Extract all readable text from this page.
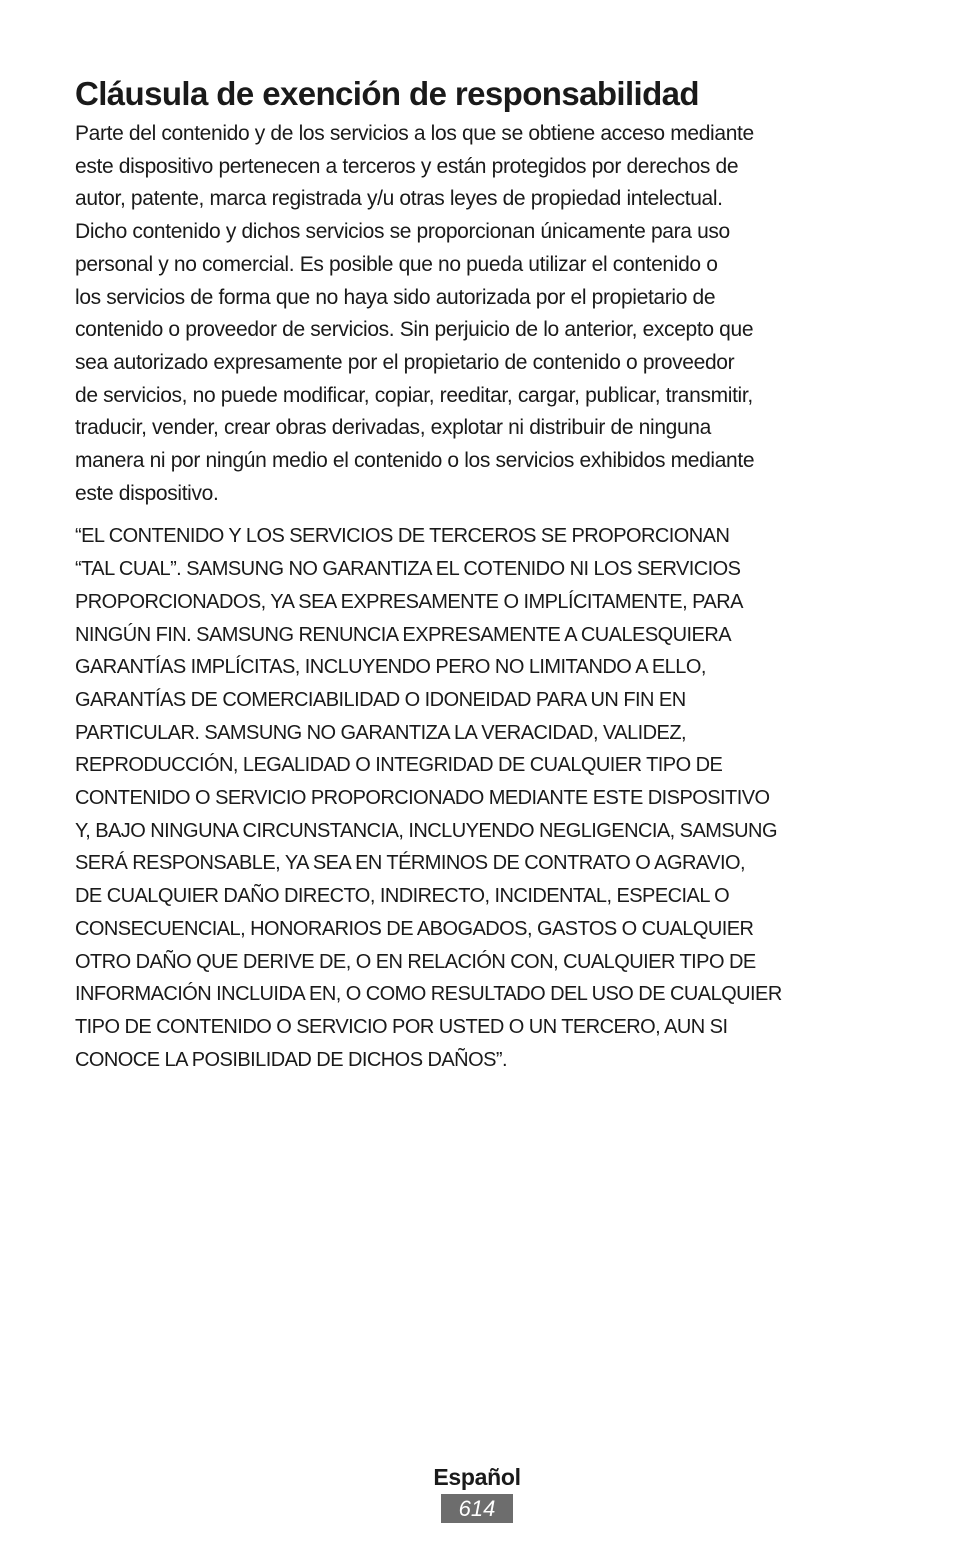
Cláusula de exención de responsabilidad

Parte del contenido y de los servicios a los que se obtiene acceso mediante
este dispositivo pertenecen a terceros y están protegidos por derechos de
autor, patente, marca registrada y/u otras leyes de propiedad intelectual.
Dicho contenido y dichos servicios se proporcionan únicamente para uso
personal y no comercial. Es posible que no pueda utilizar el contenido o
los servicios de forma que no haya sido autorizada por el propietario de
contenido o proveedor de servicios. Sin perjuicio de lo anterior, excepto que
sea autorizado expresamente por el propietario de contenido o proveedor
de servicios, no puede modificar, copiar, reeditar, cargar, publicar, transmitir,
traducir, vender, crear obras derivadas, explotar ni distribuir de ninguna
manera ni por ningún medio el contenido o los servicios exhibidos mediante
este dispositivo.

“EL CONTENIDO Y LOS SERVICIOS DE TERCEROS SE PROPORCIONAN
“TAL CUAL”. SAMSUNG NO GARANTIZA EL COTENIDO NI LOS SERVICIOS
PROPORCIONADOS, YA SEA EXPRESAMENTE O IMPLÍCITAMENTE, PARA
NINGÚN FIN. SAMSUNG RENUNCIA EXPRESAMENTE A CUALESQUIERA
GARANTÍAS IMPLÍCITAS, INCLUYENDO PERO NO LIMITANDO A ELLO,
GARANTÍAS DE COMERCIABILIDAD O IDONEIDAD PARA UN FIN EN
PARTICULAR. SAMSUNG NO GARANTIZA LA VERACIDAD, VALIDEZ,
REPRODUCCIÓN, LEGALIDAD O INTEGRIDAD DE CUALQUIER TIPO DE
CONTENIDO O SERVICIO PROPORCIONADO MEDIANTE ESTE DISPOSITIVO
Y, BAJO NINGUNA CIRCUNSTANCIA, INCLUYENDO NEGLIGENCIA, SAMSUNG
SERÁ RESPONSABLE, YA SEA EN TÉRMINOS DE CONTRATO O AGRAVIO,
DE CUALQUIER DAÑO DIRECTO, INDIRECTO, INCIDENTAL, ESPECIAL O
CONSECUENCIAL, HONORARIOS DE ABOGADOS, GASTOS O CUALQUIER
OTRO DAÑO QUE DERIVE DE, O EN RELACIÓN CON, CUALQUIER TIPO DE
INFORMACIÓN INCLUIDA EN, O COMO RESULTADO DEL USO DE CUALQUIER
TIPO DE CONTENIDO O SERVICIO POR USTED O UN TERCERO, AUN SI
CONOCE LA POSIBILIDAD DE DICHOS DAÑOS”.

Español
614
